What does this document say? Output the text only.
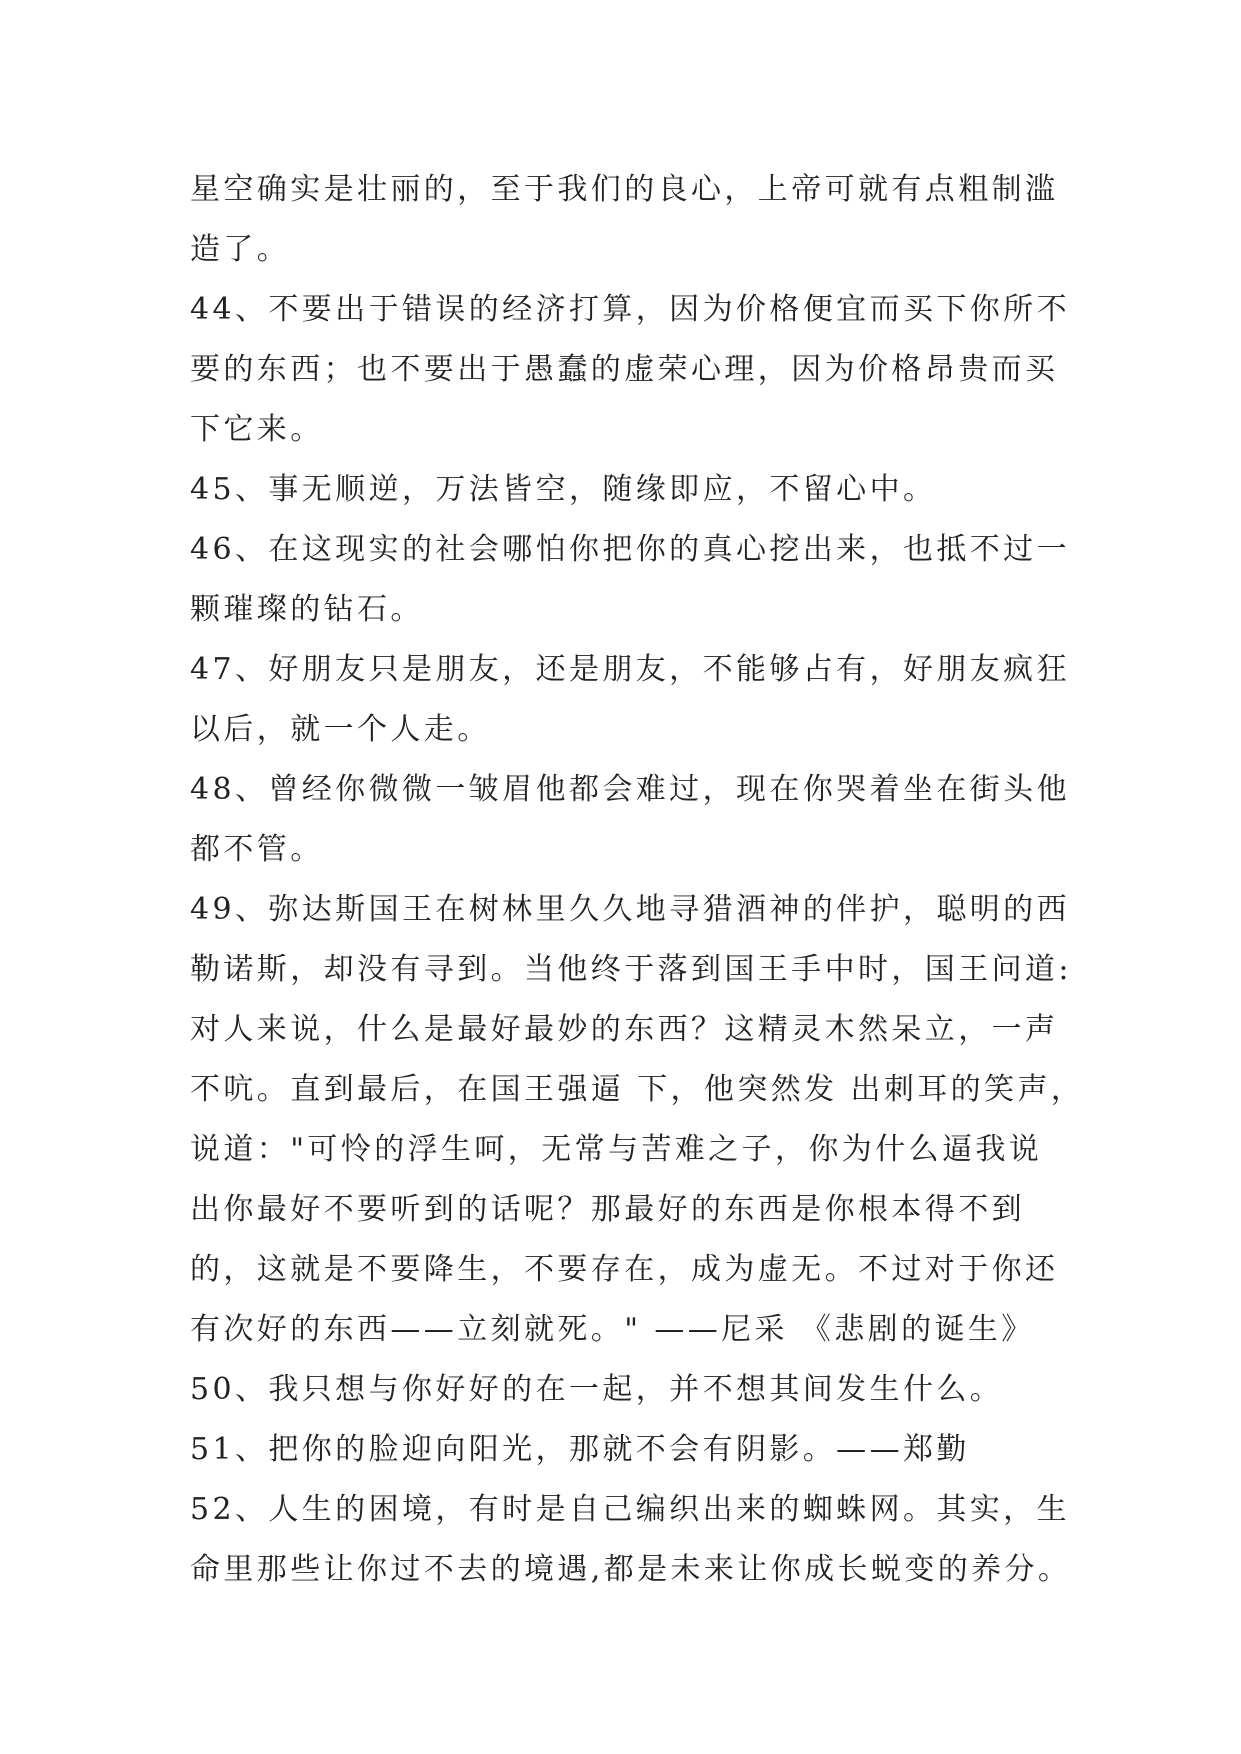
星空确实是壮丽的，至于我们的良心，上帝可就有点粗制滥
造了。
44、不要出于错误的经济打算，因为价格便宜而买下你所不
要的东西；也不要出于愚蠢的虚荣心理，因为价格昂贵而买
下它来。
45、事无顺逆，万法皆空，随缘即应，不留心中。
46、在这现实的社会哪怕你把你的真心挖出来，也抵不过一
颗璀璨的钻石。
47、好朋友只是朋友，还是朋友，不能够占有，好朋友疯狂
以后，就一个人走。
48、曾经你微微一皱眉他都会难过，现在你哭着坐在街头他
都不管。
49、弥达斯国王在树林里久久地寻猎酒神的伴护，聪明的西
勒诺斯，却没有寻到。当他终于落到国王手中时，国王问道:
对人来说，什么是最好最妙的东西？这精灵木然呆立，一声
不吭。直到最后，在国王强逼 下，他突然发 出刺耳的笑声，
说道："可怜的浮生呵，无常与苦难之子，你为什么逼我说
出你最好不要听到的话呢？那最好的东西是你根本得不到
的，这就是不要降生，不要存在，成为虚无。不过对于你还
有次好的东西——立刻就死。" ——尼采 《悲剧的诞生》
50、我只想与你好好的在一起，并不想其间发生什么。
51、把你的脸迎向阳光，那就不会有阴影。——郑勤
52、人生的困境，有时是自己编织出来的蜘蛛网。其实，生
命里那些让你过不去的境遇,都是未来让你成长蜕变的养分。
